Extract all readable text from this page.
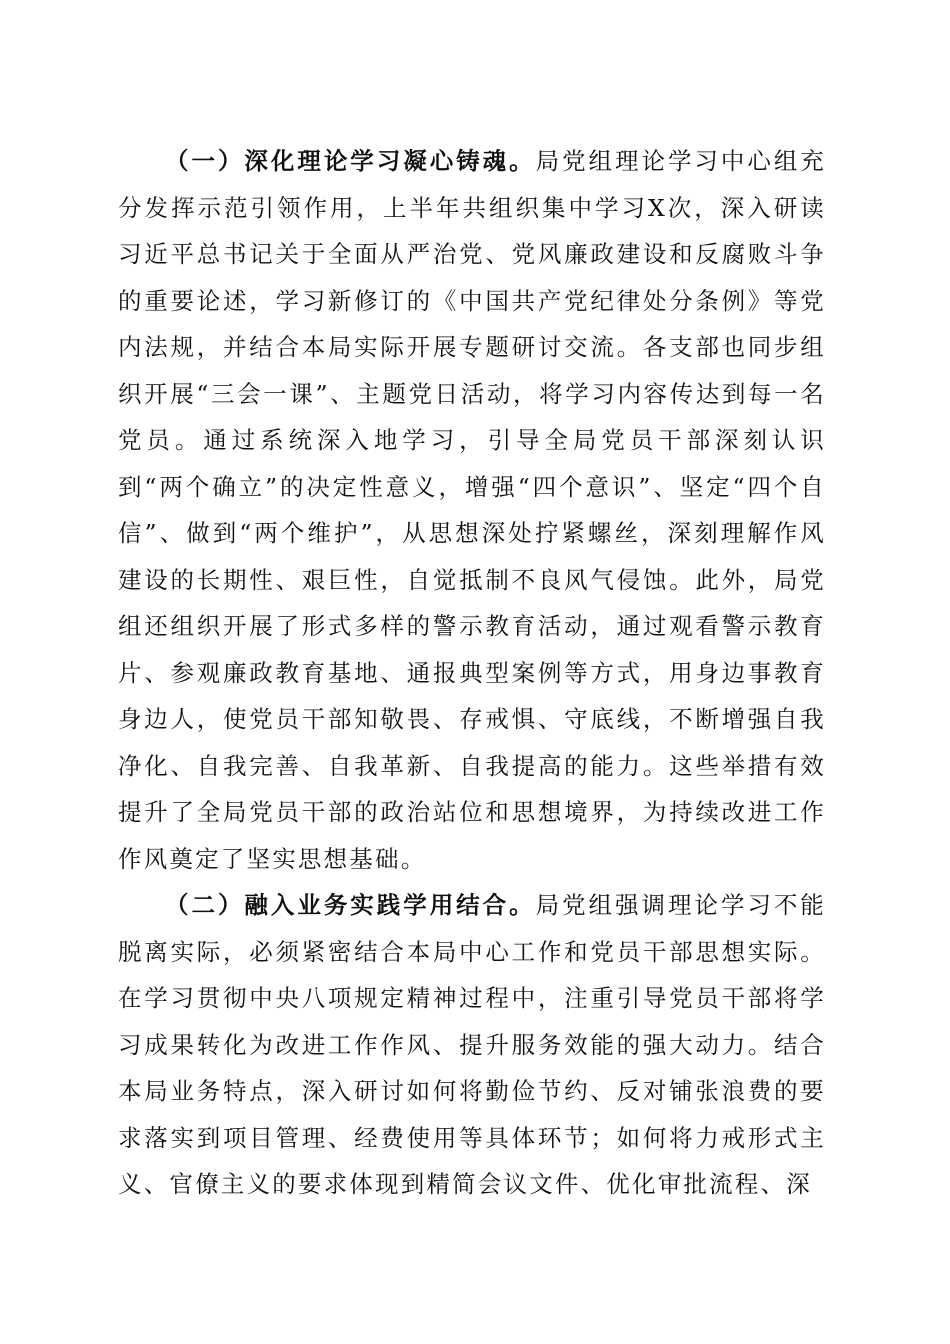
（一）深化理论学习凝心铸魂。局党组理论学习中心组充分发挥示范引领作用，上半年共组织集中学习X次，深入研读习近平总书记关于全面从严治党、党风廉政建设和反腐败斗争的重要论述，学习新修订的《中国共产党纪律处分条例》等党内法规，并结合本局实际开展专题研讨交流。各支部也同步组织开展“三会一课”、主题党日活动，将学习内容传达到每一名党员。通过系统深入地学习，引导全局党员干部深刻认识到“两个确立”的决定性意义，增强“四个意识”、坚定“四个自信”、做到“两个维护”，从思想深处拧紧螺丝，深刻理解作风建设的长期性、艰巨性，自觉抵制不良风气侵蚀。此外，局党组还组织开展了形式多样的警示教育活动，通过观看警示教育片、参观廉政教育基地、通报典型案例等方式，用身边事教育身边人，使党员干部知敬畏、存戒惧、守底线，不断增强自我净化、自我完善、自我革新、自我提高的能力。这些举措有效提升了全局党员干部的政治站位和思想境界，为持续改进工作作风奠定了坚实思想基础。

（二）融入业务实践学用结合。局党组强调理论学习不能脱离实际，必须紧密结合本局中心工作和党员干部思想实际。在学习贯彻中央八项规定精神过程中，注重引导党员干部将学习成果转化为改进工作作风、提升服务效能的强大动力。结合本局业务特点，深入研讨如何将勤俭节约、反对铺张浪费的要求落实到项目管理、经费使用等具体环节；如何将力戒形式主义、官僚主义的要求体现到精简会议文件、优化审批流程、深
